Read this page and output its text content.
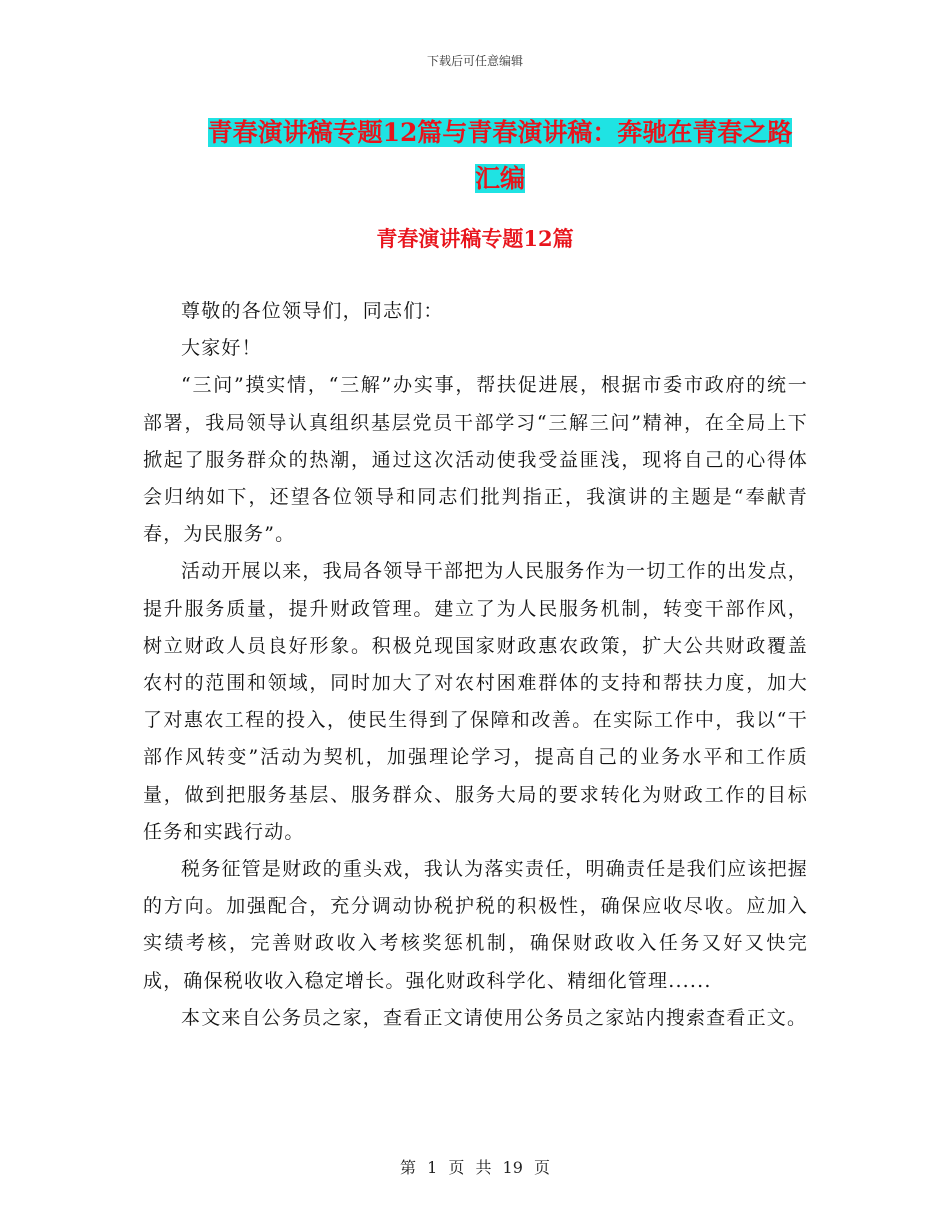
下载后可任意编辑
青春演讲稿专题12篇与青春演讲稿：奔驰在青春之路
汇编
青春演讲稿专题12篇

尊敬的各位领导们，同志们：

大家好！

“三问”摸实情，“三解”办实事，帮扶促进展，根据市委市政府的统一部署，我局领导认真组织基层党员干部学习“三解三问”精神，在全局上下掀起了服务群众的热潮，通过这次活动使我受益匪浅，现将自己的心得体会归纳如下，还望各位领导和同志们批判指正，我演讲的主题是“奉献青春，为民服务”。

活动开展以来，我局各领导干部把为人民服务作为一切工作的出发点，提升服务质量，提升财政管理。建立了为人民服务机制，转变干部作风，树立财政人员良好形象。积极兑现国家财政惠农政策，扩大公共财政覆盖农村的范围和领域，同时加大了对农村困难群体的支持和帮扶力度，加大了对惠农工程的投入，使民生得到了保障和改善。在实际工作中，我以“干部作风转变”活动为契机，加强理论学习，提高自己的业务水平和工作质量，做到把服务基层、服务群众、服务大局的要求转化为财政工作的目标任务和实践行动。

税务征管是财政的重头戏，我认为落实责任，明确责任是我们应该把握的方向。加强配合，充分调动协税护税的积极性，确保应收尽收。应加入实绩考核，完善财政收入考核奖惩机制，确保财政收入任务又好又快完成，确保税收收入稳定增长。强化财政科学化、精细化管理......

本文来自公务员之家，查看正文请使用公务员之家站内搜索查看正文。

第 1 页 共 19 页
